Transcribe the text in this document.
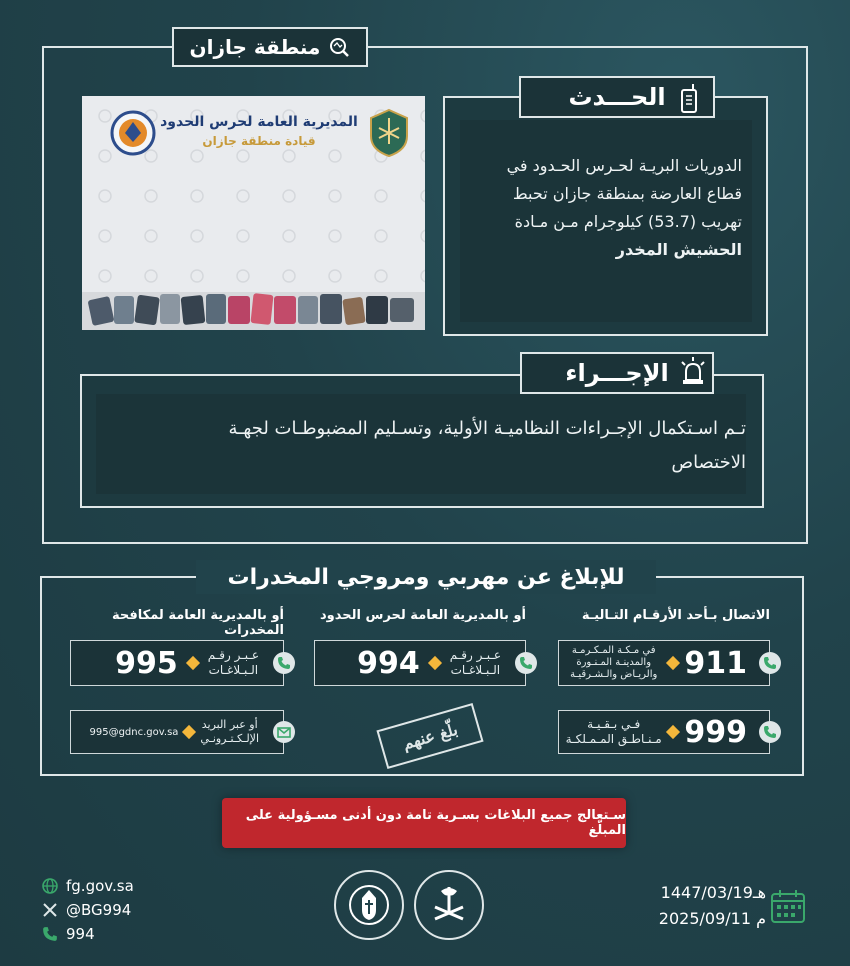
منطقة جازان
المديرية العامة لحرس الحدود
قيادة منطقة جازان
الحـــدث
الدوريات البريـة لحـرس الحـدود في
قطاع العارضة بمنطقة جازان تحبط
تهريب (53.7) كيلوجرام مـن مـادة
الحشيش المخدر
الإجـــراء
تـم اسـتكمال الإجـراءات النظاميـة الأولية، وتسـليم المضبوطـات لجهـة
الاختصاص
للإبلاغ عن مهربي ومروجي المخدرات
الاتصال بـأحد الأرقـام التـاليـة
أو بالمديرية العامة لحرس الحدود
أو بالمديرية العامة لمكافحة المخدرات
911
في مـكـة المـكـرمـة
والمدينـة المـنـورة
والريـاض والـشـرقيـة
999
فـي بـقـيـة
مـنـاطـق المـمـلكـة
عـبـر رقـم
الـبـلاغـات
994
بلّغ عنهم
عـبـر رقـم
الـبـلاغـات
995
أو عبر البريد
الإلـكـتـرونـي
995@gdnc.gov.sa
سـتعالج جميع البلاغات بسـرية تامة دون أدنى مسـؤولية على المبلّغ
fg.gov.sa
@BG994
994
1447/03/19هـ
2025/09/11 م
